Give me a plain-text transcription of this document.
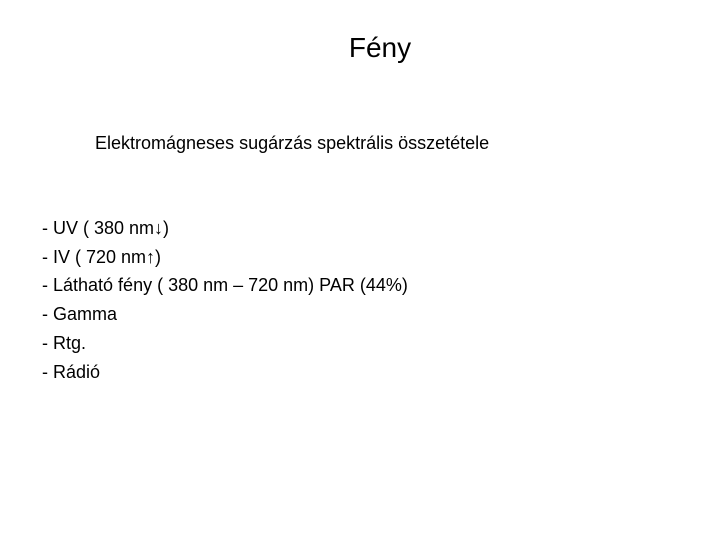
Fény
Elektromágneses sugárzás spektrális összetétele
- UV ( 380 nm↓)
- IV ( 720 nm↑)
- Látható fény ( 380 nm – 720 nm) PAR (44%)
- Gamma
- Rtg.
- Rádió
